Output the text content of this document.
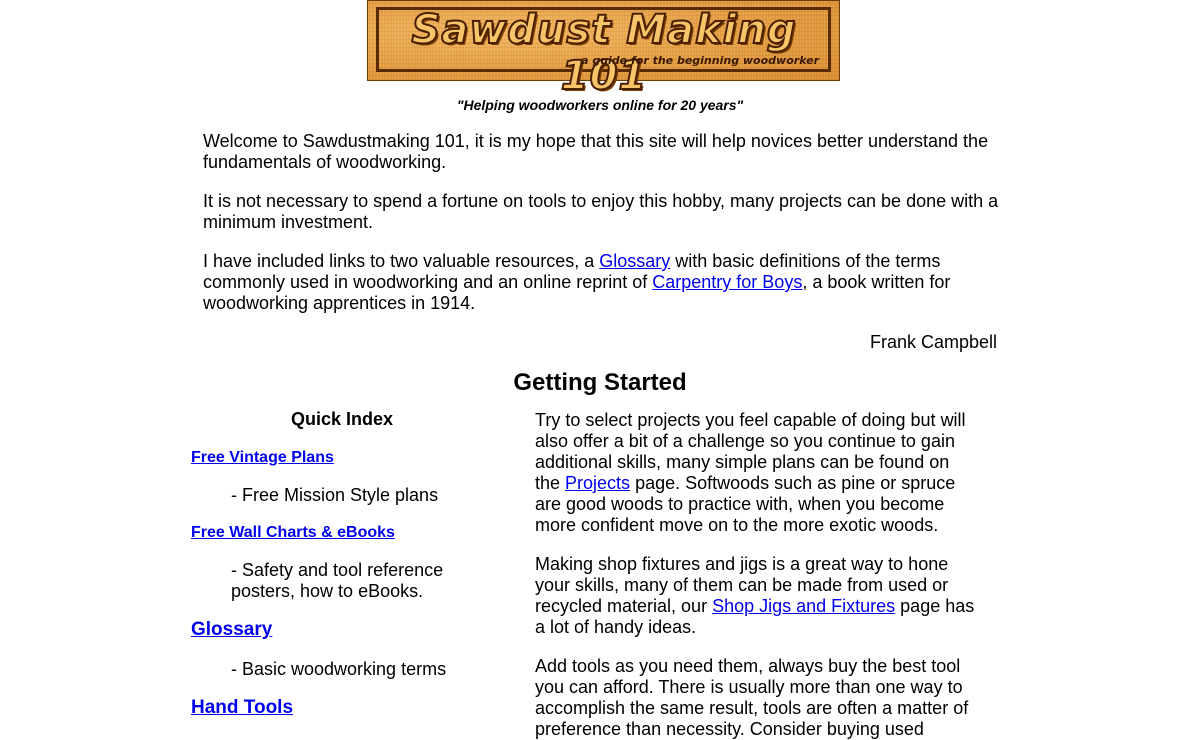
Sawdust Making 101
a guide for the beginning woodworker
"Helping woodworkers online for 20 years"

Welcome to Sawdustmaking 101, it is my hope that this site will help novices better understand the fundamentals of woodworking.

It is not necessary to spend a fortune on tools to enjoy this hobby, many projects can be done with a minimum investment.

I have included links to two valuable resources, a Glossary with basic definitions of the terms commonly used in woodworking and an online reprint of Carpentry for Boys, a book written for woodworking apprentices in 1914.

Frank Campbell
Getting Started
Quick Index
Free Vintage Plans
- Free Mission Style plans
Free Wall Charts & eBooks
- Safety and tool reference posters, how to eBooks.
Glossary
- Basic woodworking terms
Hand Tools

Try to select projects you feel capable of doing but will also offer a bit of a challenge so you continue to gain additional skills, many simple plans can be found on the Projects page. Softwoods such as pine or spruce are good woods to practice with, when you become more confident move on to the more exotic woods.

Making shop fixtures and jigs is a great way to hone your skills, many of them can be made from used or recycled material, our Shop Jigs and Fixtures page has a lot of handy ideas.

Add tools as you need them, always buy the best tool you can afford. There is usually more than one way to accomplish the same result, tools are often a matter of preference than necessity. Consider buying used
